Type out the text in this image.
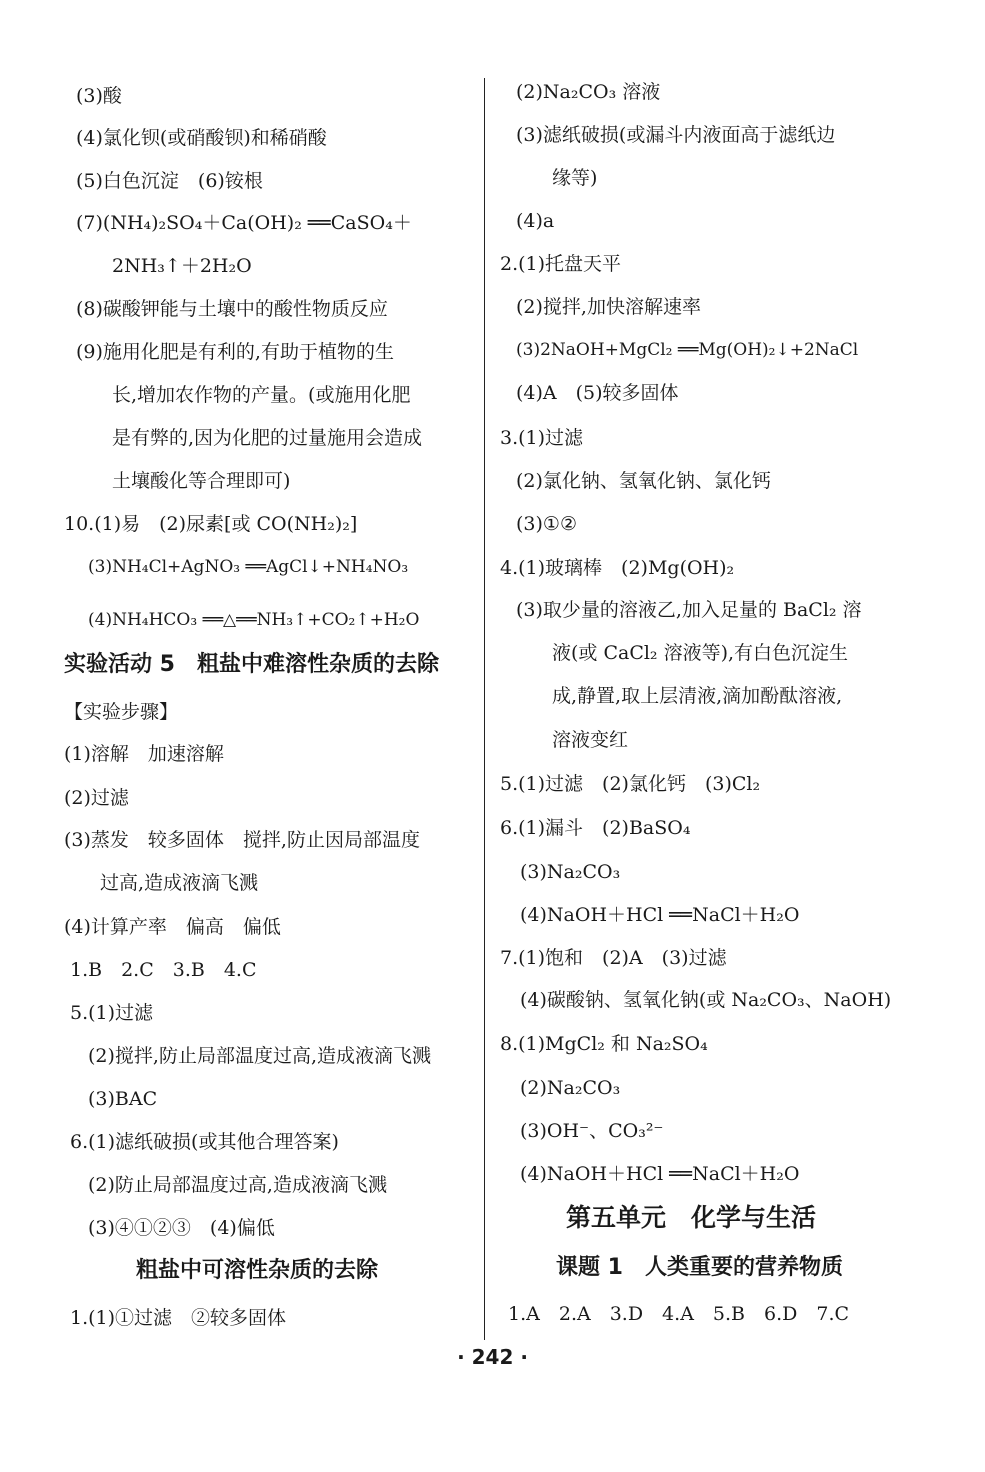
(3)酸
(4)氯化钡(或硝酸钡)和稀硝酸
(5)白色沉淀　(6)铵根
(7)(NH₄)₂SO₄＋Ca(OH)₂ ══CaSO₄＋
2NH₃↑＋2H₂O
(8)碳酸钾能与土壤中的酸性物质反应
(9)施用化肥是有利的,有助于植物的生
长,增加农作物的产量。(或施用化肥
是有弊的,因为化肥的过量施用会造成
土壤酸化等合理即可)
10.(1)易　(2)尿素[或 CO(NH₂)₂]
(3)NH₄Cl+AgNO₃ ══AgCl↓+NH₄NO₃
(4)NH₄HCO₃ ══△══NH₃↑+CO₂↑+H₂O
实验活动 5　粗盐中难溶性杂质的去除
【实验步骤】
(1)溶解　加速溶解
(2)过滤
(3)蒸发　较多固体　搅拌,防止因局部温度
过高,造成液滴飞溅
(4)计算产率　偏高　偏低
1.B　2.C　3.B　4.C
5.(1)过滤
(2)搅拌,防止局部温度过高,造成液滴飞溅
(3)BAC
6.(1)滤纸破损(或其他合理答案)
(2)防止局部温度过高,造成液滴飞溅
(3)④①②③　(4)偏低
粗盐中可溶性杂质的去除
1.(1)①过滤　②较多固体
(2)Na₂CO₃ 溶液
(3)滤纸破损(或漏斗内液面高于滤纸边
缘等)
(4)a
2.(1)托盘天平
(2)搅拌,加快溶解速率
(3)2NaOH+MgCl₂ ══Mg(OH)₂↓+2NaCl
(4)A　(5)较多固体
3.(1)过滤
(2)氯化钠、氢氧化钠、氯化钙
(3)①②
4.(1)玻璃棒　(2)Mg(OH)₂
(3)取少量的溶液乙,加入足量的 BaCl₂ 溶
液(或 CaCl₂ 溶液等),有白色沉淀生
成,静置,取上层清液,滴加酚酞溶液,
溶液变红
5.(1)过滤　(2)氯化钙　(3)Cl₂
6.(1)漏斗　(2)BaSO₄
(3)Na₂CO₃
(4)NaOH＋HCl ══NaCl＋H₂O
7.(1)饱和　(2)A　(3)过滤
(4)碳酸钠、氢氧化钠(或 Na₂CO₃、NaOH)
8.(1)MgCl₂ 和 Na₂SO₄
(2)Na₂CO₃
(3)OH⁻、CO₃²⁻
(4)NaOH＋HCl ══NaCl＋H₂O
第五单元　化学与生活
课题 1　人类重要的营养物质
1.A　2.A　3.D　4.A　5.B　6.D　7.C
· 242 ·
